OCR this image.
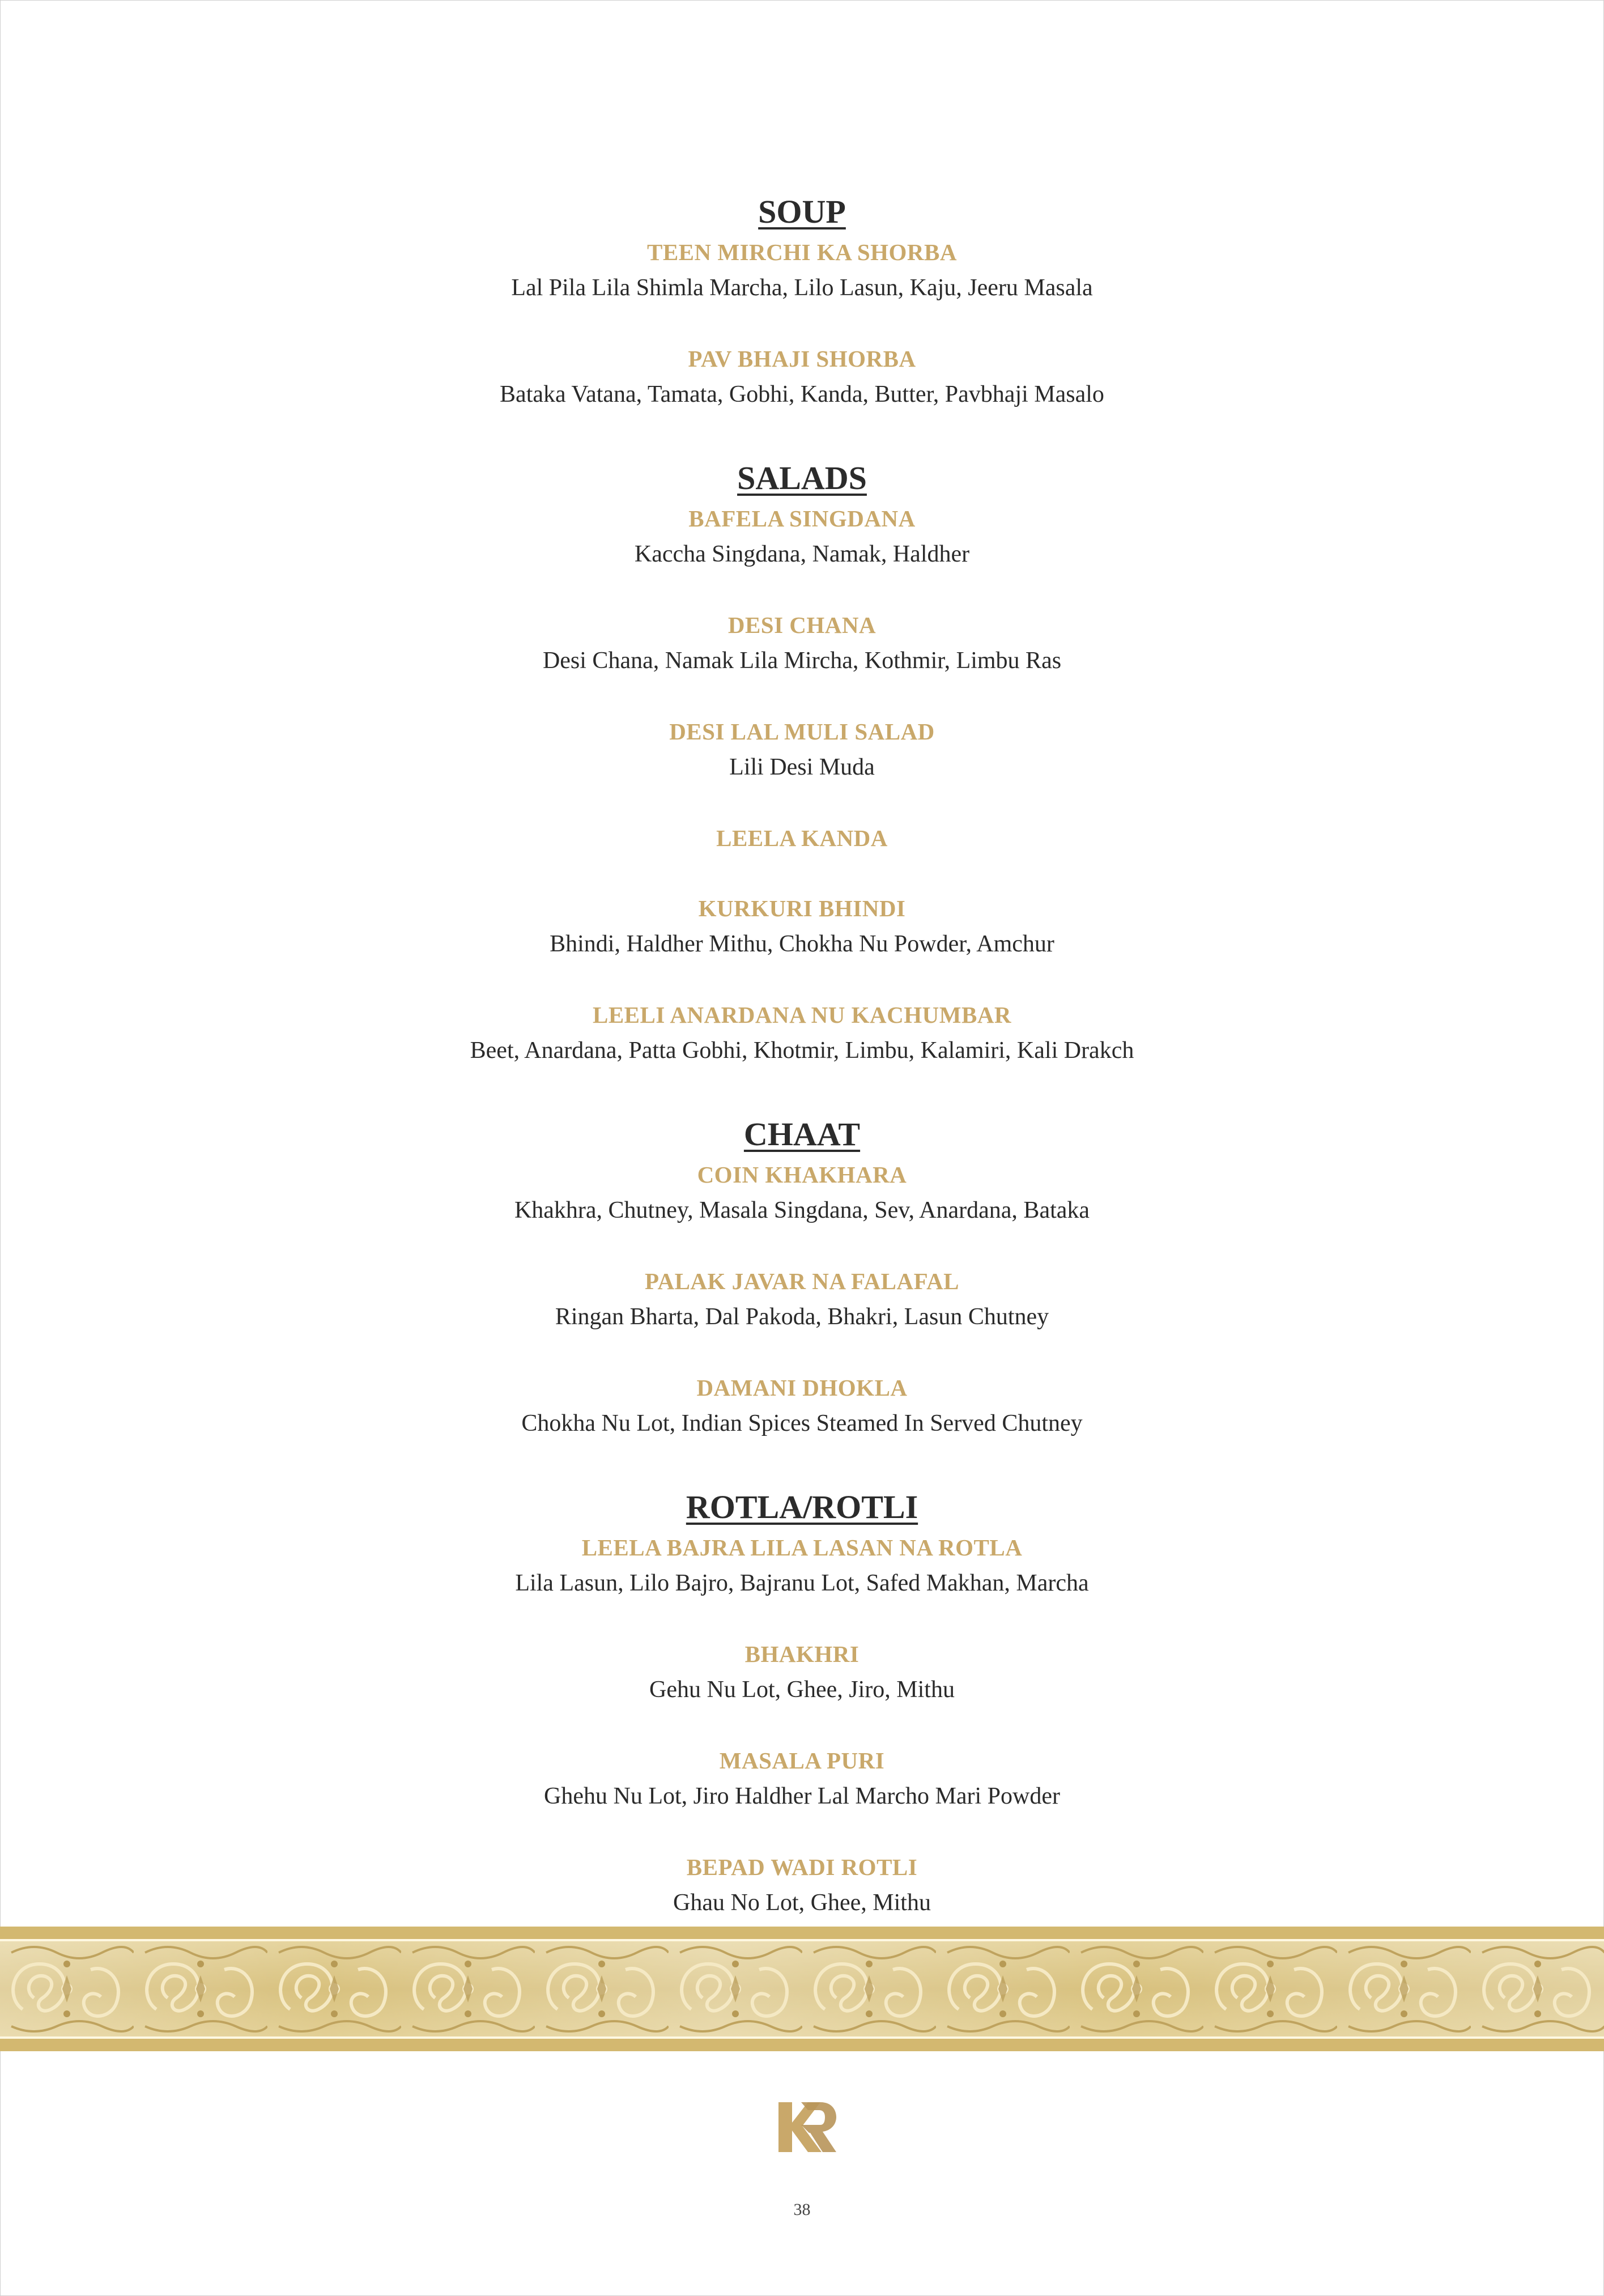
SOUP
TEEN MIRCHI KA SHORBA
Lal Pila Lila Shimla Marcha, Lilo Lasun, Kaju, Jeeru Masala
PAV BHAJI SHORBA
Bataka Vatana, Tamata, Gobhi, Kanda, Butter, Pavbhaji Masalo
SALADS
BAFELA SINGDANA
Kaccha Singdana, Namak, Haldher
DESI CHANA
Desi Chana, Namak Lila Mircha, Kothmir, Limbu Ras
DESI LAL MULI SALAD
Lili Desi Muda
LEELA KANDA
KURKURI BHINDI
Bhindi, Haldher Mithu, Chokha Nu Powder, Amchur
LEELI ANARDANA NU KACHUMBAR
Beet, Anardana, Patta Gobhi, Khotmir, Limbu, Kalamiri, Kali Drakch
CHAAT
COIN KHAKHARA
Khakhra, Chutney, Masala Singdana, Sev, Anardana, Bataka
PALAK JAVAR NA FALAFAL
Ringan Bharta, Dal Pakoda, Bhakri, Lasun Chutney
DAMANI DHOKLA
Chokha Nu Lot, Indian Spices Steamed In Served Chutney
ROTLA/ROTLI
LEELA BAJRA LILA LASAN NA ROTLA
Lila Lasun, Lilo Bajro, Bajranu Lot, Safed Makhan, Marcha
BHAKHRI
Gehu Nu Lot, Ghee, Jiro, Mithu
MASALA PURI
Ghehu Nu Lot, Jiro Haldher Lal Marcho Mari Powder
BEPAD WADI ROTLI
Ghau No Lot, Ghee, Mithu
38
